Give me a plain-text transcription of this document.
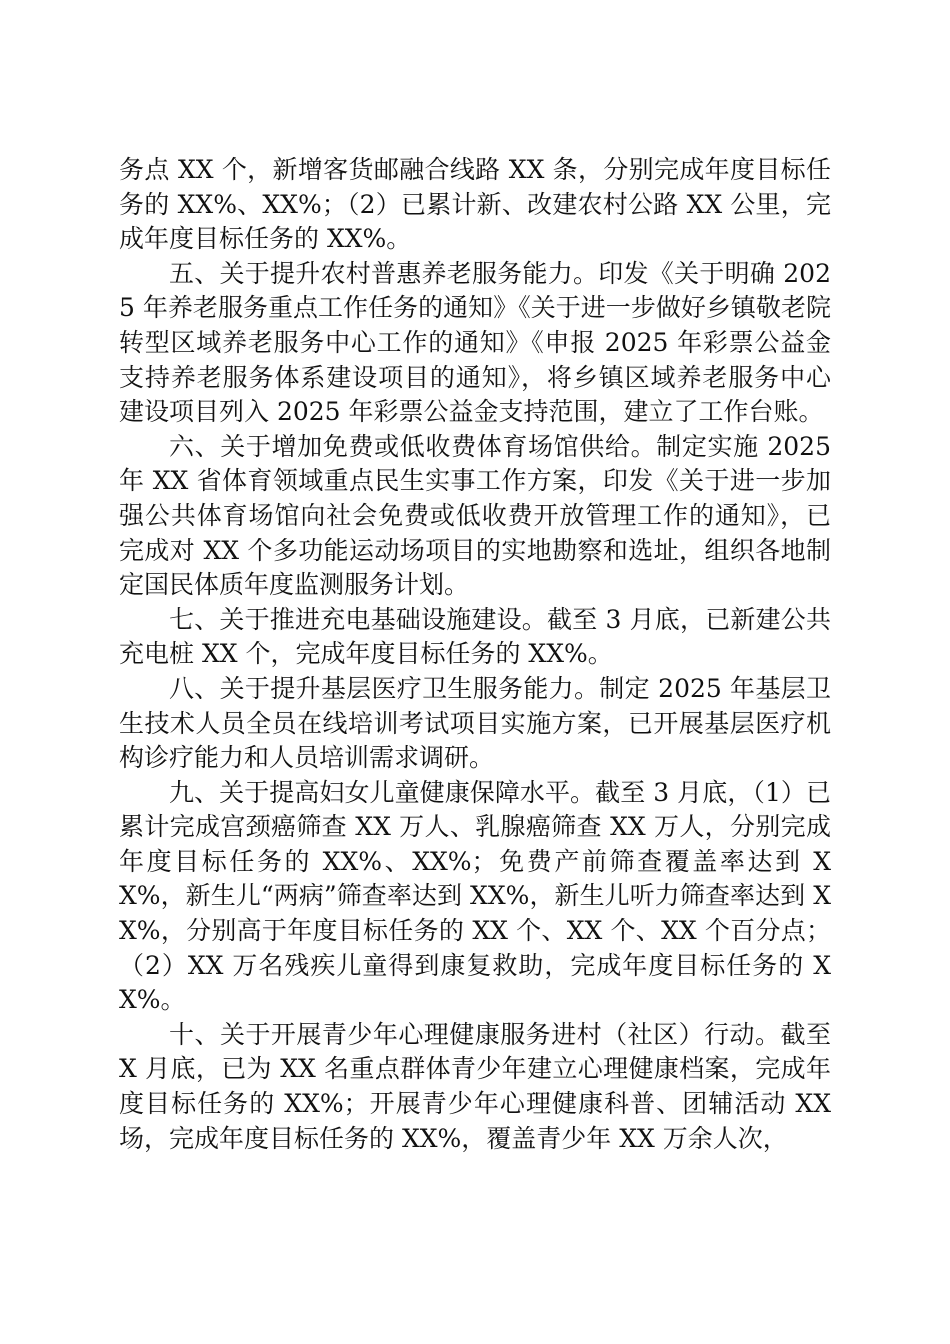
务点 XX 个，新增客货邮融合线路 XX 条，分别完成年度目标任务的 XX%、XX%；（2）已累计新、改建农村公路 XX 公里，完成年度目标任务的 XX%。

五、关于提升农村普惠养老服务能力。印发《关于明确 2025 年养老服务重点工作任务的通知》《关于进一步做好乡镇敬老院转型区域养老服务中心工作的通知》《申报 2025 年彩票公益金支持养老服务体系建设项目的通知》，将乡镇区域养老服务中心建设项目列入 2025 年彩票公益金支持范围，建立了工作台账。

六、关于增加免费或低收费体育场馆供给。制定实施 2025 年 XX 省体育领域重点民生实事工作方案，印发《关于进一步加强公共体育场馆向社会免费或低收费开放管理工作的通知》，已完成对 XX 个多功能运动场项目的实地勘察和选址，组织各地制定国民体质年度监测服务计划。

七、关于推进充电基础设施建设。截至 3 月底，已新建公共充电桩 XX 个，完成年度目标任务的 XX%。

八、关于提升基层医疗卫生服务能力。制定 2025 年基层卫生技术人员全员在线培训考试项目实施方案，已开展基层医疗机构诊疗能力和人员培训需求调研。

九、关于提高妇女儿童健康保障水平。截至 3 月底，（1）已累计完成宫颈癌筛查 XX 万人、乳腺癌筛查 XX 万人，分别完成年度目标任务的 XX%、XX%；免费产前筛查覆盖率达到 XX%，新生儿“两病”筛查率达到 XX%，新生儿听力筛查率达到 XX%，分别高于年度目标任务的 XX 个、XX 个、XX 个百分点；（2）XX 万名残疾儿童得到康复救助，完成年度目标任务的 XX%。

十、关于开展青少年心理健康服务进村（社区）行动。截至 X 月底，已为 XX 名重点群体青少年建立心理健康档案，完成年度目标任务的 XX%；开展青少年心理健康科普、团辅活动 XX 场，完成年度目标任务的 XX%，覆盖青少年 XX 万余人次，
